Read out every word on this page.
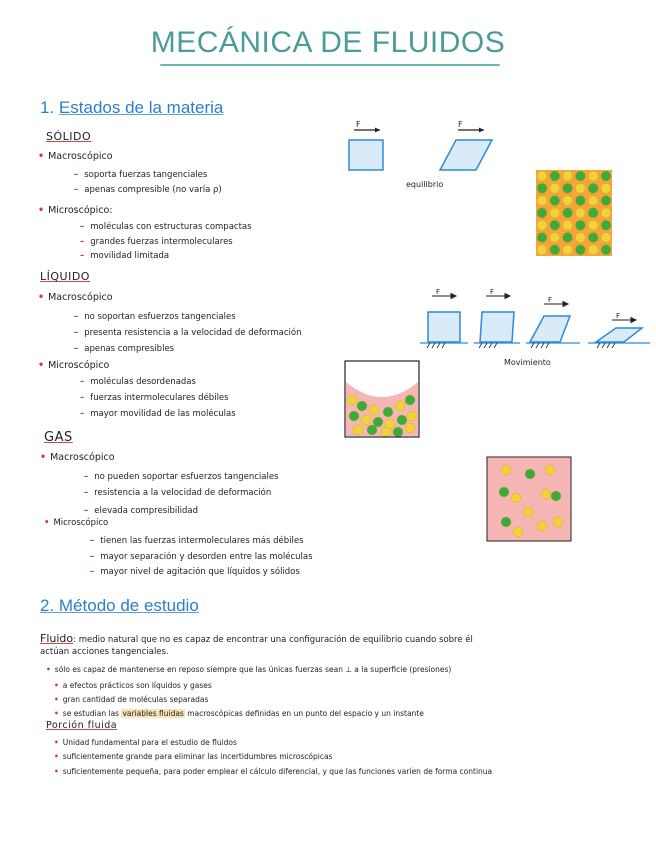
MECÁNICA DE FLUIDOS
1. Estados de la materia
SÓLIDO
• Macroscópico
– soporta fuerzas tangenciales
– apenas compresible (no varía ρ)
• Microscópico:
– moléculas con estructuras compactas
– grandes fuerzas intermoleculares
– movilidad limitada
F	F
equilibrio
LÍQUIDO
• Macroscópico
– no soportan esfuerzos tangenciales
– presenta resistencia a la velocidad de deformación
– apenas compresibles
• Microscópico
– moléculas desordenadas
– fuerzas intermoleculares débiles
– mayor movilidad de las moléculas
F	F
F
F
Movimiento
GAS
• Macroscópico
– no pueden soportar esfuerzos tangenciales
– resistencia a la velocidad de deformación
– elevada compresibilidad
• Microscópico
– tienen las fuerzas intermoleculares más débiles
– mayor separación y desorden entre las moléculas
– mayor nivel de agitación que líquidos y sólidos
2. Método de estudio
Fluido: medio natural que no es capaz de encontrar una configuración de equilibrio cuando sobre él
actúan acciones tangenciales.
• sólo es capaz de mantenerse en reposo siempre que las únicas fuerzas sean ⊥ a la superficie (presiones)
• a efectos prácticos son líquidos y gases
• gran cantidad de moléculas separadas
• se estudian las variables fluidas macroscópicas definidas en un punto del espacio y un instante
Porción fluida
• Unidad fundamental para el estudio de fluidos
• suficientemente grande para eliminar las incertidumbres microscópicas
• suficientemente pequeña, para poder emplear el cálculo diferencial, y que las funciones varíen de forma continua
